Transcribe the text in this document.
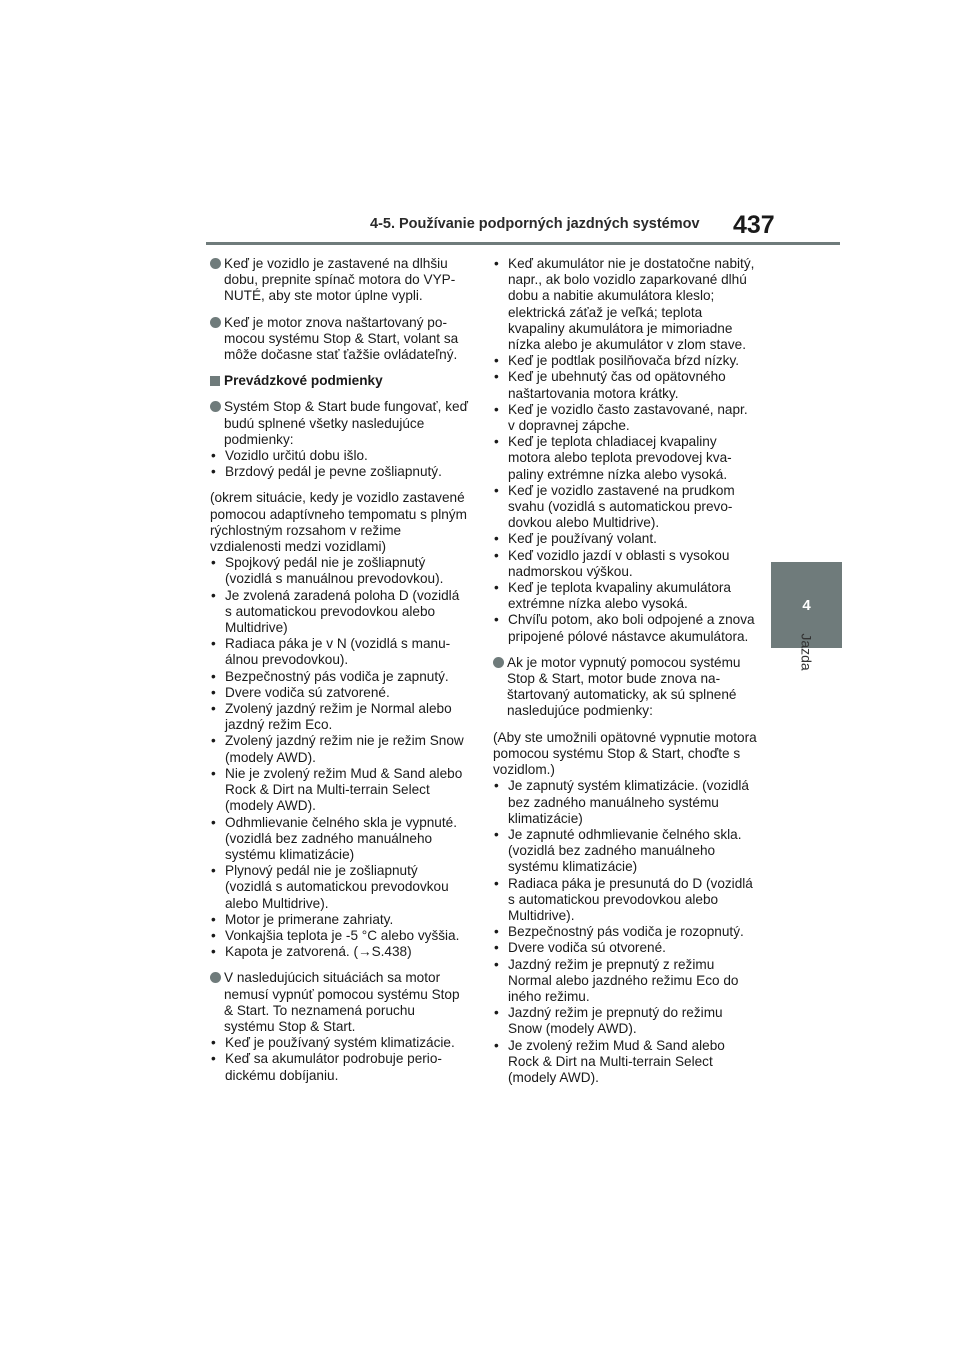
4-5. Používanie podporných jazdných systémov 437
4
Jazda
Keď je vozidlo je zastavené na dlhšiu dobu, prepnite spínač motora do VYPNUTÉ, aby ste motor úplne vypli.
Keď je motor znova naštartovaný pomocou systému Stop & Start, volant sa môže dočasne stať ťažšie ovládateľný.
Prevádzkové podmienky
Systém Stop & Start bude fungovať, keď budú splnené všetky nasledujúce podmienky:
• Vozidlo určitú dobu išlo.
• Brzdový pedál je pevne zošliapnutý.
(okrem situácie, kedy je vozidlo zastavené pomocou adaptívneho tempomatu s plným rýchlostným rozsahom v režime vzdialenosti medzi vozidlami)
• Spojkový pedál nie je zošliapnutý (vozidlá s manuálnou prevodovkou).
• Je zvolená zaradená poloha D (vozidlá s automatickou prevodovkou alebo Multidrive)
• Radiaca páka je v N (vozidlá s manuálnou prevodovkou).
• Bezpečnostný pás vodiča je zapnutý.
• Dvere vodiča sú zatvorené.
• Zvolený jazdný režim je Normal alebo jazdný režim Eco.
• Zvolený jazdný režim nie je režim Snow (modely AWD).
• Nie je zvolený režim Mud & Sand alebo Rock & Dirt na Multi-terrain Select (modely AWD).
• Odhmlievanie čelného skla je vypnuté. (vozidlá bez zadného manuálneho systému klimatizácie)
• Plynový pedál nie je zošliapnutý (vozidlá s automatickou prevodovkou alebo Multidrive).
• Motor je primerane zahriaty.
• Vonkajšia teplota je -5 °C alebo vyššia.
• Kapota je zatvorená. (→S.438)
V nasledujúcich situáciách sa motor nemusí vypnúť pomocou systému Stop & Start. To neznamená poruchu systému Stop & Start.
• Keď je používaný systém klimatizácie.
• Keď sa akumulátor podrobuje periodickému dobíjaniu.
• Keď akumulátor nie je dostatočne nabitý, napr., ak bolo vozidlo zaparkované dlhú dobu a nabitie akumulátora kleslo; elektrická záťaž je veľká; teplota kvapaliny akumulátora je mimoriadne nízka alebo je akumulátor v zlom stave.
• Keď je podtlak posilňovača bŕzd nízky.
• Keď je ubehnutý čas od opätovného naštartovania motora krátky.
• Keď je vozidlo často zastavované, napr. v dopravnej zápche.
• Keď je teplota chladiacej kvapaliny motora alebo teplota prevodovej kvapaliny extrémne nízka alebo vysoká.
• Keď je vozidlo zastavené na prudkom svahu (vozidlá s automatickou prevodovkou alebo Multidrive).
• Keď je používaný volant.
• Keď vozidlo jazdí v oblasti s vysokou nadmorskou výškou.
• Keď je teplota kvapaliny akumulátora extrémne nízka alebo vysoká.
• Chvíľu potom, ako boli odpojené a znova pripojené pólové nástavce akumulátora.
Ak je motor vypnutý pomocou systému Stop & Start, motor bude znova naštartovaný automaticky, ak sú splnené nasledujúce podmienky:
(Aby ste umožnili opätovné vypnutie motora pomocou systému Stop & Start, choďte s vozidlom.)
• Je zapnutý systém klimatizácie. (vozidlá bez zadného manuálneho systému klimatizácie)
• Je zapnuté odhmlievanie čelného skla. (vozidlá bez zadného manuálneho systému klimatizácie)
• Radiaca páka je presunutá do D (vozidlá s automatickou prevodovkou alebo Multidrive).
• Bezpečnostný pás vodiča je rozopnutý.
• Dvere vodiča sú otvorené.
• Jazdný režim je prepnutý z režimu Normal alebo jazdného režimu Eco do iného režimu.
• Jazdný režim je prepnutý do režimu Snow (modely AWD).
• Je zvolený režim Mud & Sand alebo Rock & Dirt na Multi-terrain Select (modely AWD).
